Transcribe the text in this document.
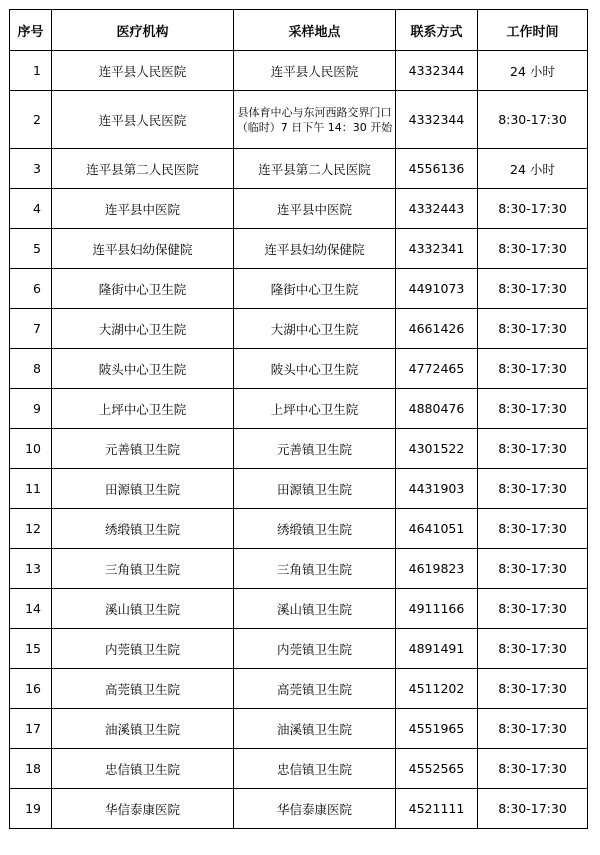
序号	医疗机构	采样地点	联系方式	工作时间
1	连平县人民医院	连平县人民医院	4332344	24 小时
2	连平县人民医院	县体育中心与东河西路交界门口（临时）7 日下午 14：30 开始	4332344	8:30-17:30
3	连平县第二人民医院	连平县第二人民医院	4556136	24 小时
4	连平县中医院	连平县中医院	4332443	8:30-17:30
5	连平县妇幼保健院	连平县妇幼保健院	4332341	8:30-17:30
6	隆街中心卫生院	隆街中心卫生院	4491073	8:30-17:30
7	大湖中心卫生院	大湖中心卫生院	4661426	8:30-17:30
8	陂头中心卫生院	陂头中心卫生院	4772465	8:30-17:30
9	上坪中心卫生院	上坪中心卫生院	4880476	8:30-17:30
10	元善镇卫生院	元善镇卫生院	4301522	8:30-17:30
11	田源镇卫生院	田源镇卫生院	4431903	8:30-17:30
12	绣缎镇卫生院	绣缎镇卫生院	4641051	8:30-17:30
13	三角镇卫生院	三角镇卫生院	4619823	8:30-17:30
14	溪山镇卫生院	溪山镇卫生院	4911166	8:30-17:30
15	内莞镇卫生院	内莞镇卫生院	4891491	8:30-17:30
16	高莞镇卫生院	高莞镇卫生院	4511202	8:30-17:30
17	油溪镇卫生院	油溪镇卫生院	4551965	8:30-17:30
18	忠信镇卫生院	忠信镇卫生院	4552565	8:30-17:30
19	华信泰康医院	华信泰康医院	4521111	8:30-17:30
